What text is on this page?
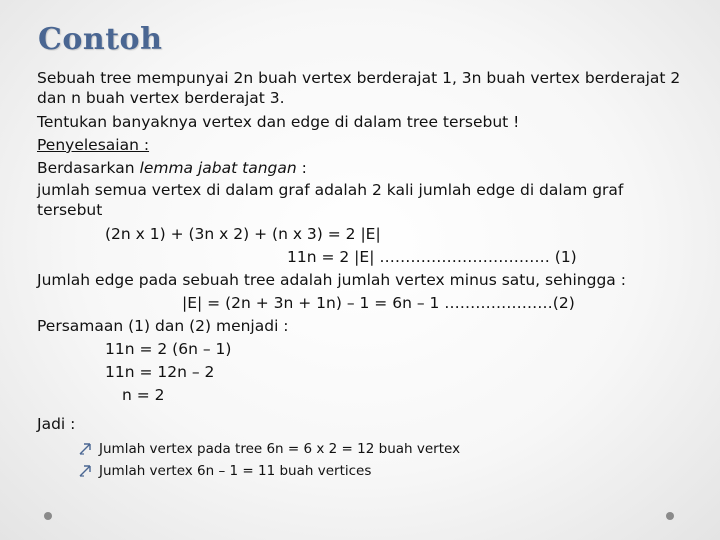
Contoh
Sebuah tree mempunyai 2n buah vertex berderajat 1, 3n buah vertex berderajat 2 dan n buah vertex berderajat 3.
Tentukan banyaknya vertex dan edge di dalam tree tersebut !
Penyelesaian :
Berdasarkan lemma jabat tangan :
jumlah semua vertex di dalam graf adalah 2 kali jumlah edge di dalam graf tersebut
(2n x 1) + (3n x 2) + (n x 3) = 2 |E|
11n = 2 |E| …………………………… (1)
Jumlah edge pada sebuah tree adalah jumlah vertex minus satu, sehingga :
|E| = (2n + 3n + 1n) – 1 = 6n – 1 …………………(2)
Persamaan (1) dan (2) menjadi :
11n = 2 (6n – 1)
11n = 12n – 2
n = 2
Jadi :
Jumlah vertex pada tree 6n = 6 x 2 = 12 buah vertex
Jumlah vertex 6n – 1 = 11 buah vertices
